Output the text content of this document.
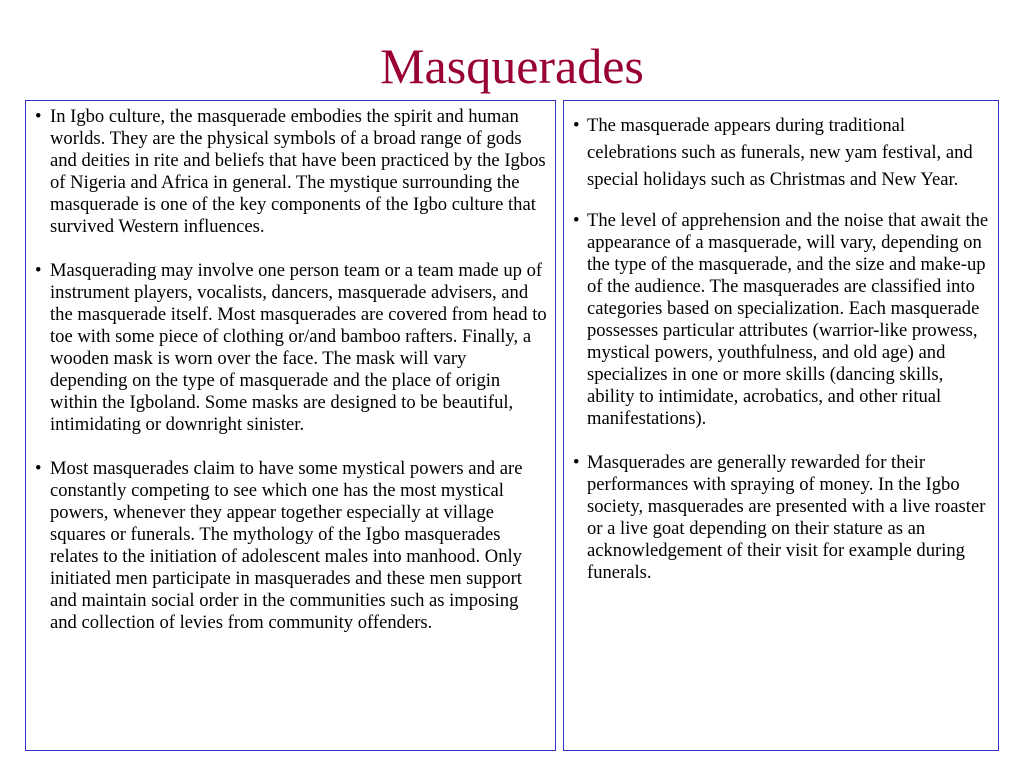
Masquerades
• In Igbo culture, the masquerade embodies the spirit and human worlds. They are the physical symbols of a broad range of gods and deities in rite and beliefs that have been practiced by the Igbos of Nigeria and Africa in general. The mystique surrounding the masquerade is one of the key components of the Igbo culture that survived Western influences.
• Masquerading may involve one person team or a team made up of instrument players, vocalists, dancers, masquerade advisers, and the masquerade itself. Most masquerades are covered from head to toe with some piece of clothing or/and bamboo rafters. Finally, a wooden mask is worn over the face. The mask will vary depending on the type of masquerade and the place of origin within the Igboland. Some masks are designed to be beautiful, intimidating or downright sinister.
• Most masquerades claim to have some mystical powers and are constantly competing to see which one has the most mystical powers, whenever they appear together especially at village squares or funerals. The mythology of the Igbo masquerades relates to the initiation of adolescent males into manhood. Only initiated men participate in masquerades and these men support and maintain social order in the communities such as imposing and collection of levies from community offenders.
• The masquerade appears during traditional celebrations such as funerals, new yam festival, and special holidays such as Christmas and New Year.
• The level of apprehension and the noise that await the appearance of a masquerade, will vary, depending on the type of the masquerade, and the size and make-up of the audience. The masquerades are classified into categories based on specialization. Each masquerade possesses particular attributes (warrior-like prowess, mystical powers, youthfulness, and old age) and specializes in one or more skills (dancing skills, ability to intimidate, acrobatics, and other ritual manifestations).
• Masquerades are generally rewarded for their performances with spraying of money. In the Igbo society, masquerades are presented with a live roaster or a live goat depending on their stature as an acknowledgement of their visit for example during funerals.
